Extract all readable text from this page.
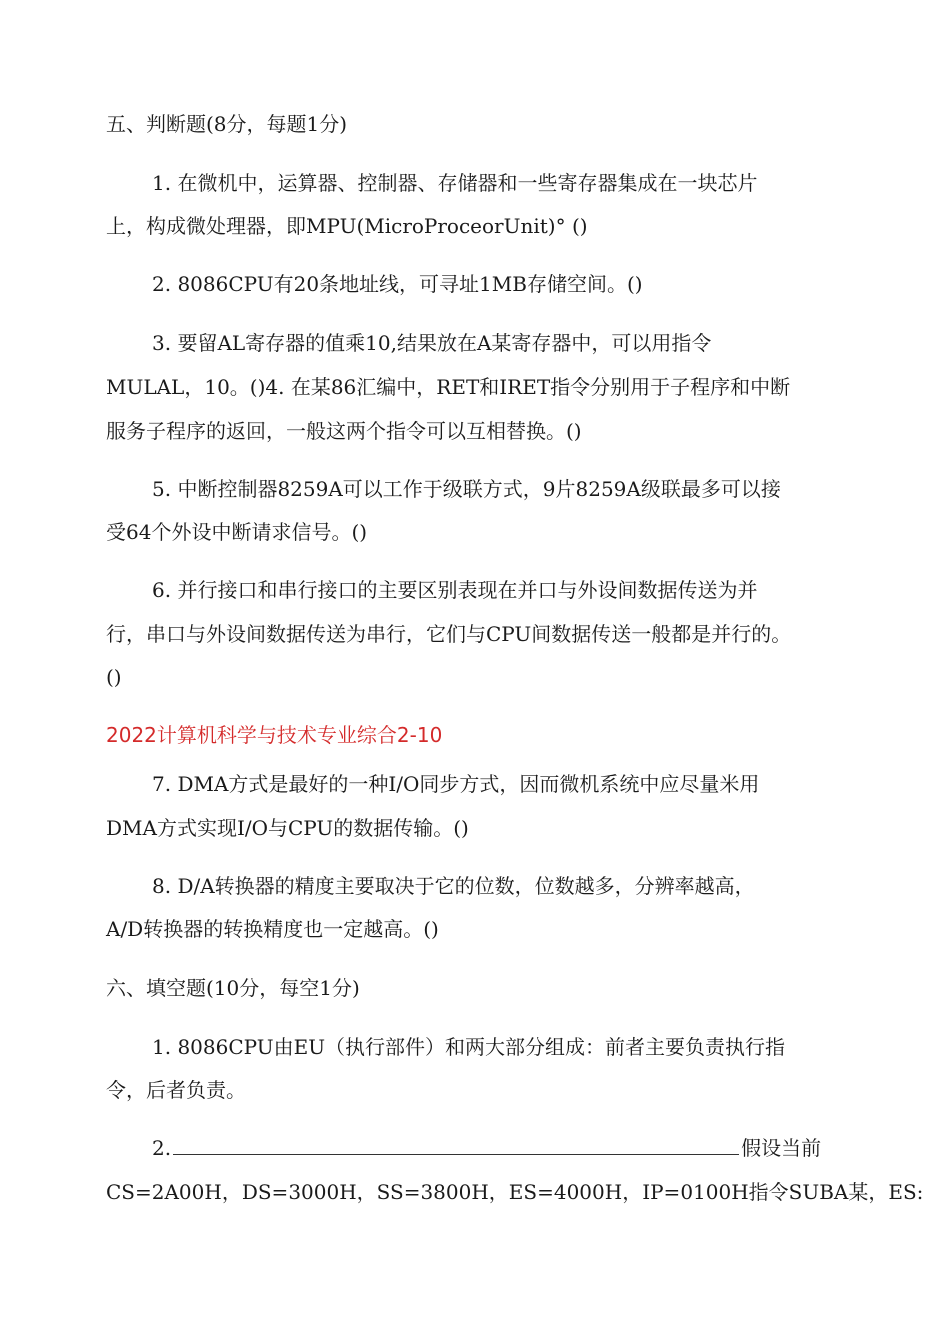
五、判断题(8分，每题1分)
1. 在微机中，运算器、控制器、存储器和一些寄存器集成在一块芯片
上，构成微处理器，即MPU(MicroProceorUnit)° ()
2. 8086CPU有20条地址线，可寻址1MB存储空间。()
3. 要留AL寄存器的值乘10,结果放在A某寄存器中，可以用指令
MULAL，10。()4. 在某86汇编中，RET和IRET指令分别用于子程序和中断
服务子程序的返回，一般这两个指令可以互相替换。()
5. 中断控制器8259A可以工作于级联方式，9片8259A级联最多可以接
受64个外设中断请求信号。()
6. 并行接口和串行接口的主要区别表现在并口与外设间数据传送为并
行，串口与外设间数据传送为串行，它们与CPU间数据传送一般都是并行的。
()
2022计算机科学与技术专业综合2-10
7. DMA方式是最好的一种I/O同步方式，因而微机系统中应尽量米用
DMA方式实现I/O与CPU的数据传输。()
8. D/A转换器的精度主要取决于它的位数，位数越多，分辨率越高，
A/D转换器的转换精度也一定越高。()
六、填空题(10分，每空1分)
1. 8086CPU由EU（执行部件）和两大部分组成：前者主要负责执行指
令，后者负责。
2.	假设当前
CS=2A00H，DS=3000H，SS=3800H，ES=4000H，IP=0100H指令SUBA某，ES:
